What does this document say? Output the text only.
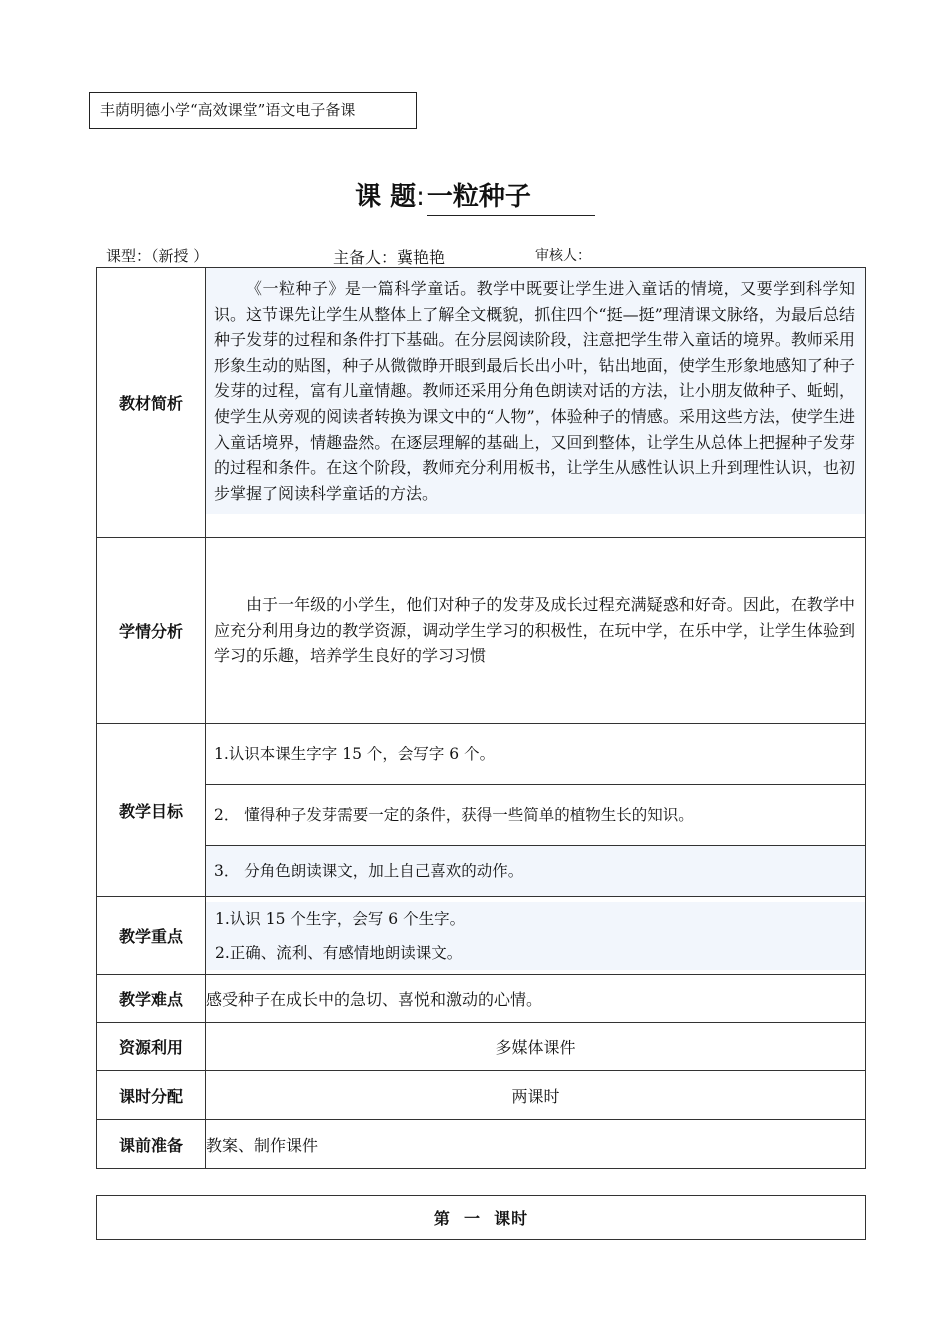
丰荫明德小学“高效课堂”语文电子备课
课 题:一粒种子
课型：（新授 ）	主备人：冀艳艳	审核人：
教材简析	《一粒种子》是一篇科学童话。教学中既要让学生进入童话的情境，又要学到科学知识。这节课先让学生从整体上了解全文概貌，抓住四个“挺—挺”理清课文脉络，为最后总结种子发芽的过程和条件打下基础。在分层阅读阶段，注意把学生带入童话的境界。教师采用形象生动的贴图，种子从微微睁开眼到最后长出小叶，钻出地面，使学生形象地感知了种子发芽的过程，富有儿童情趣。教师还采用分角色朗读对话的方法，让小朋友做种子、蚯蚓，使学生从旁观的阅读者转换为课文中的“人物”，体验种子的情感。采用这些方法，使学生进入童话境界，情趣盎然。在逐层理解的基础上，又回到整体，让学生从总体上把握种子发芽的过程和条件。在这个阶段，教师充分利用板书，让学生从感性认识上升到理性认识，也初步掌握了阅读科学童话的方法。

学情分析	由于一年级的小学生，他们对种子的发芽及成长过程充满疑惑和好奇。因此，在教学中应充分利用身边的教学资源，调动学生学习的积极性，在玩中学，在乐中学，让学生体验到学习的乐趣，培养学生良好的学习习惯

教学目标	1.认识本课生字字 15 个，会写字 6 个。
2． 懂得种子发芽需要一定的条件，获得一些简单的植物生长的知识。
3． 分角色朗读课文，加上自己喜欢的动作。

教学重点	1.认识 15 个生字，会写 6 个生字。
2.正确、流利、有感情地朗读课文。

教学难点	感受种子在成长中的急切、喜悦和激动的心情。
资源利用	多媒体课件
课时分配	两课时
课前准备	教案、制作课件
第  一  课时
